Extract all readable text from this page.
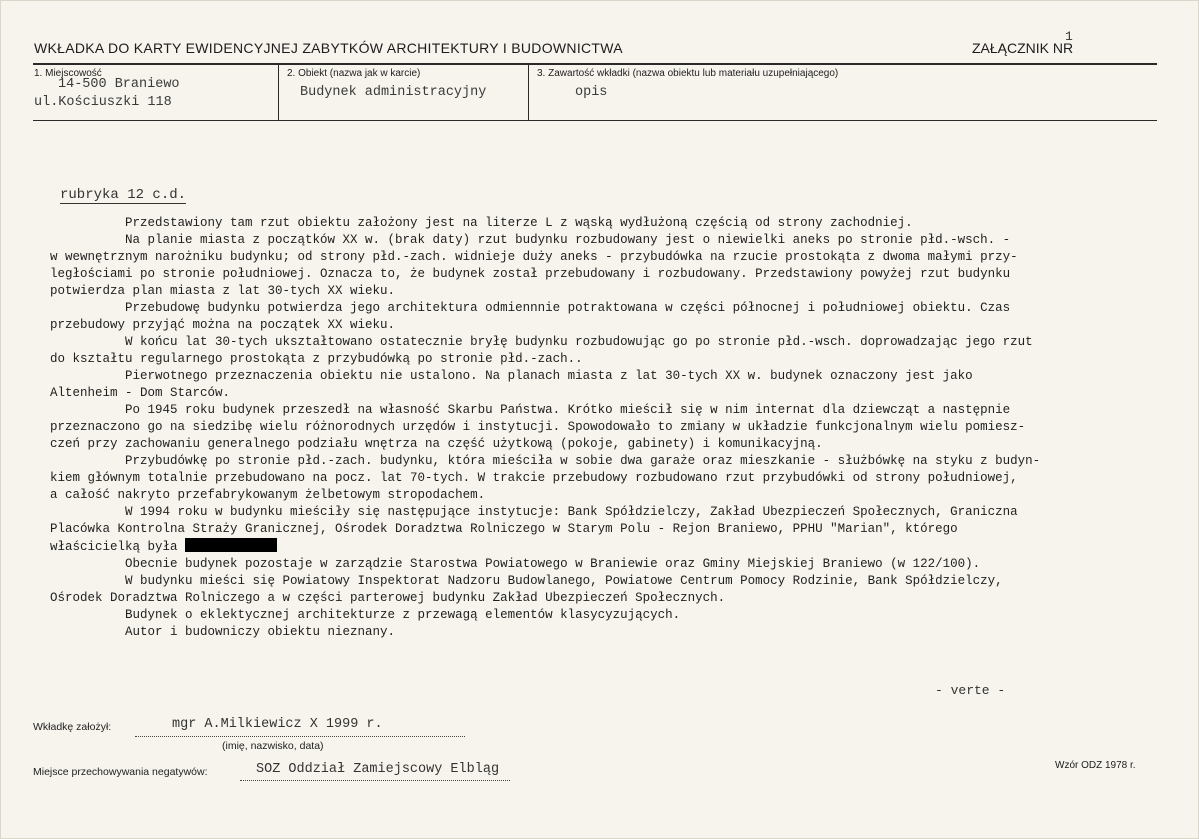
WKŁADKA DO KARTY EWIDENCYJNEJ ZABYTKÓW ARCHITEKTURY I BUDOWNICTWA	ZAŁĄCZNIK NR
1
1. Miejscowość
14-500 Braniewo
ul.Kościuszki 118
2. Obiekt (nazwa jak w karcie)
Budynek administracyjny
3. Zawartość wkładki (nazwa obiektu lub materiału uzupełniającego)
opis
rubryka 12 c.d.
Przedstawiony tam rzut obiektu założony jest na literze L z wąską wydłużoną częścią od strony zachodniej.
Na planie miasta z początków XX w. (brak daty) rzut budynku rozbudowany jest o niewielki aneks po stronie płd.-wsch. -
w wewnętrznym narożniku budynku; od strony płd.-zach. widnieje duży aneks - przybudówka na rzucie prostokąta z dwoma małymi przy-
ległościami po stronie południowej. Oznacza to, że budynek został przebudowany i rozbudowany. Przedstawiony powyżej rzut budynku
potwierdza plan miasta z lat 30-tych XX wieku.
Przebudowę budynku potwierdza jego architektura odmiennnie potraktowana w części północnej i południowej obiektu. Czas
przebudowy przyjąć można na początek XX wieku.
W końcu lat 30-tych ukształtowano ostatecznie bryłę budynku rozbudowując go po stronie płd.-wsch. doprowadzając jego rzut
do kształtu regularnego prostokąta z przybudówką po stronie płd.-zach..
Pierwotnego przeznaczenia obiektu nie ustalono. Na planach miasta z lat 30-tych XX w. budynek oznaczony jest jako
Altenheim - Dom Starców.
Po 1945 roku budynek przeszedł na własność Skarbu Państwa. Krótko mieścił się w nim internat dla dziewcząt a następnie
przeznaczono go na siedzibę wielu różnorodnych urzędów i instytucji. Spowodowało to zmiany w układzie funkcjonalnym wielu pomiesz-
czeń przy zachowaniu generalnego podziału wnętrza na część użytkową (pokoje, gabinety) i komunikacyjną.
Przybudówkę po stronie płd.-zach. budynku, która mieściła w sobie dwa garaże oraz mieszkanie - służbówkę na styku z budyn-
kiem głównym totalnie przebudowano na pocz. lat 70-tych. W trakcie przebudowy rozbudowano rzut przybudówki od strony południowej,
a całość nakryto przefabrykowanym żelbetowym stropodachem.
W 1994 roku w budynku mieściły się następujące instytucje: Bank Spółdzielczy, Zakład Ubezpieczeń Społecznych, Graniczna
Placówka Kontrolna Straży Granicznej, Ośrodek Doradztwa Rolniczego w Starym Polu - Rejon Braniewo, PPHU "Marian", którego
właścicielką była
Obecnie budynek pozostaje w zarządzie Starostwa Powiatowego w Braniewie oraz Gminy Miejskiej Braniewo (w 122/100).
W budynku mieści się Powiatowy Inspektorat Nadzoru Budowlanego, Powiatowe Centrum Pomocy Rodzinie, Bank Spółdzielczy,
Ośrodek Doradztwa Rolniczego a w części parterowej budynku Zakład Ubezpieczeń Społecznych.
Budynek o eklektycznej architekturze z przewagą elementów klasycyzujących.
Autor i budowniczy obiektu nieznany.
- verte -
Wkładkę założył:	mgr A.Milkiewicz X 1999 r.
(imię, nazwisko, data)
Miejsce przechowywania negatywów:	SOZ Oddział Zamiejscowy Elbląg	Wzór ODZ 1978 r.
